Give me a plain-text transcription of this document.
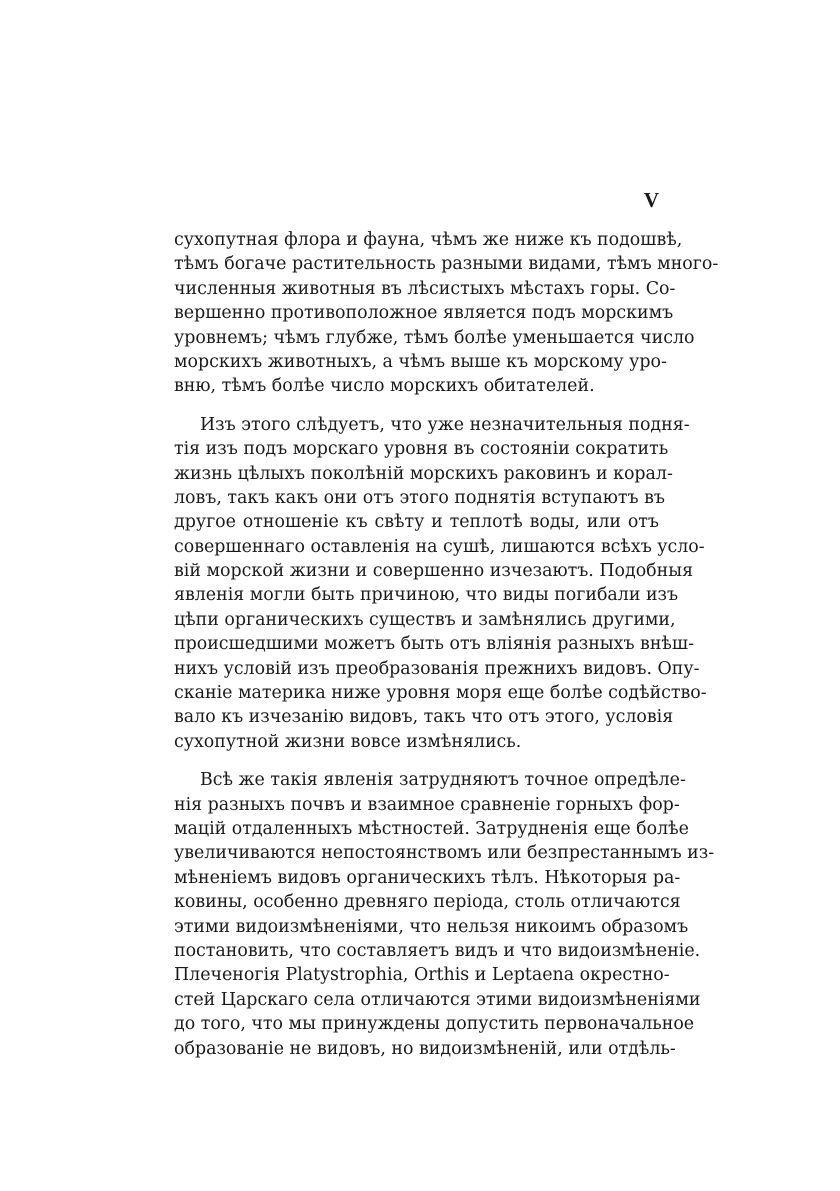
V

сухопутная флора и фауна, чѣмъ же ниже къ подошвѣ,
тѣмъ богаче растительность разными видами, тѣмъ много-
численныя животныя въ лѣсистыхъ мѣстахъ горы. Со-
вершенно противоположное является подъ морскимъ
уровнемъ; чѣмъ глубже, тѣмъ болѣе уменьшается число
морскихъ животныхъ, а чѣмъ выше къ морскому уро-
вню, тѣмъ болѣе число морскихъ обитателей.

Изъ этого слѣдуетъ, что уже незначительныя подня-
тія изъ подъ морскаго уровня въ состояніи сократить
жизнь цѣлыхъ поколѣній морскихъ раковинъ и корал-
ловъ, такъ какъ они отъ этого поднятія вступаютъ въ
другое отношеніе къ свѣту и теплотѣ воды, или отъ
совершеннаго оставленія на сушѣ, лишаются всѣхъ усло-
вій морской жизни и совершенно изчезаютъ. Подобныя
явленія могли быть причиною, что виды погибали изъ
цѣпи органическихъ существъ и замѣнялись другими,
происшедшими можетъ быть отъ вліянія разныхъ внѣш-
нихъ условій изъ преобразованія прежнихъ видовъ. Опу-
сканіе материка ниже уровня моря еще болѣе содѣйство-
вало къ изчезанію видовъ, такъ что отъ этого, условія
сухопутной жизни вовсе измѣнялись.

Всѣ же такія явленія затрудняютъ точное опредѣле-
нія разныхъ почвъ и взаимное сравненіе горныхъ фор-
мацій отдаленныхъ мѣстностей. Затрудненія еще болѣе
увеличиваются непостоянствомъ или безпрестаннымъ из-
мѣненіемъ видовъ органическихъ тѣлъ. Нѣкоторыя ра-
ковины, особенно древняго періода, столь отличаются
этими видоизмѣненіями, что нельзя никоимъ образомъ
постановить, что составляетъ видъ и что видоизмѣненіе.
Плеченогія Platystrophia, Orthis и Leptaena окрестно-
стей Царскаго села отличаются этими видоизмѣненіями
до того, что мы принуждены допустить первоначальное
образованіе не видовъ, но видоизмѣненій, или отдѣль-
